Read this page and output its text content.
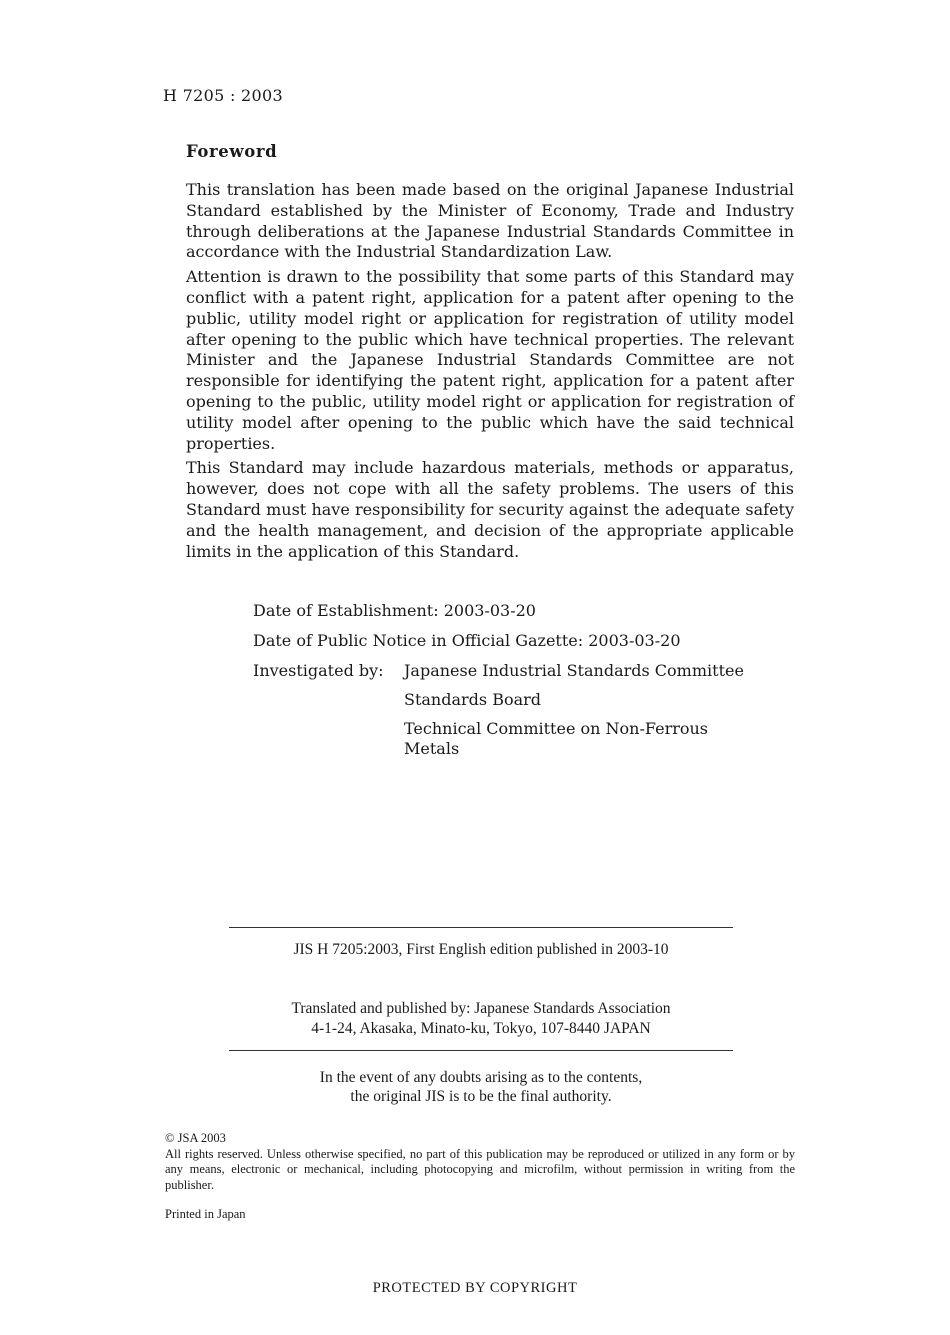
H 7205 : 2003
Foreword

This translation has been made based on the original Japanese Industrial Standard established by the Minister of Economy, Trade and Industry through deliberations at the Japanese Industrial Standards Committee in accordance with the Industrial Standardization Law.

Attention is drawn to the possibility that some parts of this Standard may conflict with a patent right, application for a patent after opening to the public, utility model right or application for registration of utility model after opening to the public which have technical properties. The relevant Minister and the Japanese Industrial Standards Committee are not responsible for identifying the patent right, application for a patent after opening to the public, utility model right or application for registration of utility model after opening to the public which have the said technical properties.

This Standard may include hazardous materials, methods or apparatus, however, does not cope with all the safety problems. The users of this Standard must have responsibility for security against the adequate safety and the health management, and decision of the appropriate applicable limits in the application of this Standard.

Date of Establishment: 2003-03-20
Date of Public Notice in Official Gazette: 2003-03-20
Investigated by:	Japanese Industrial Standards Committee
Standards Board
Technical Committee on Non-Ferrous Metals
JIS H 7205:2003, First English edition published in 2003-10
Translated and published by: Japanese Standards Association
4-1-24, Akasaka, Minato-ku, Tokyo, 107-8440 JAPAN
In the event of any doubts arising as to the contents,
the original JIS is to be the final authority.

© JSA 2003

All rights reserved. Unless otherwise specified, no part of this publication may be reproduced or utilized in any form or by any means, electronic or mechanical, including photocopying and microfilm, without permission in writing from the publisher.

Printed in Japan
PROTECTED BY COPYRIGHT
